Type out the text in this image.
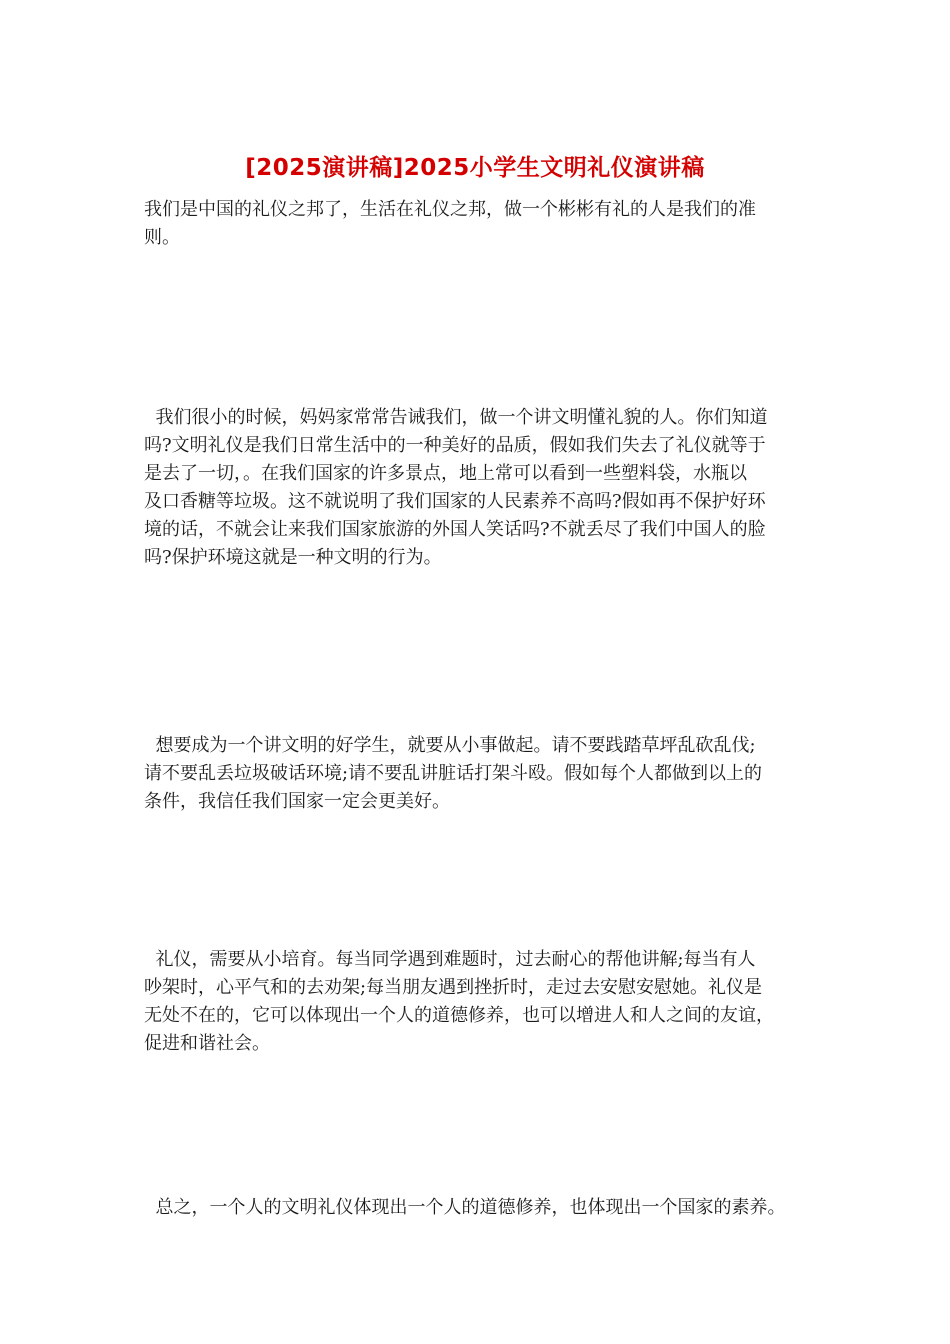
[2025演讲稿]2025小学生文明礼仪演讲稿

我们是中国的礼仪之邦了，生活在礼仪之邦，做一个彬彬有礼的人是我们的准
则。

我们很小的时候，妈妈家常常告诫我们，做一个讲文明懂礼貌的人。你们知道
吗?文明礼仪是我们日常生活中的一种美好的品质，假如我们失去了礼仪就等于
是去了一切，。在我们国家的许多景点，地上常可以看到一些塑料袋，水瓶以
及口香糖等垃圾。这不就说明了我们国家的人民素养不高吗?假如再不保护好环
境的话，不就会让来我们国家旅游的外国人笑话吗?不就丢尽了我们中国人的脸
吗?保护环境这就是一种文明的行为。

想要成为一个讲文明的好学生，就要从小事做起。请不要践踏草坪乱砍乱伐;
请不要乱丢垃圾破话环境;请不要乱讲脏话打架斗殴。假如每个人都做到以上的
条件，我信任我们国家一定会更美好。

礼仪，需要从小培育。每当同学遇到难题时，过去耐心的帮他讲解;每当有人
吵架时，心平气和的去劝架;每当朋友遇到挫折时，走过去安慰安慰她。礼仪是
无处不在的，它可以体现出一个人的道德修养，也可以增进人和人之间的友谊，
促进和谐社会。

总之，一个人的文明礼仪体现出一个人的道德修养，也体现出一个国家的素养。
